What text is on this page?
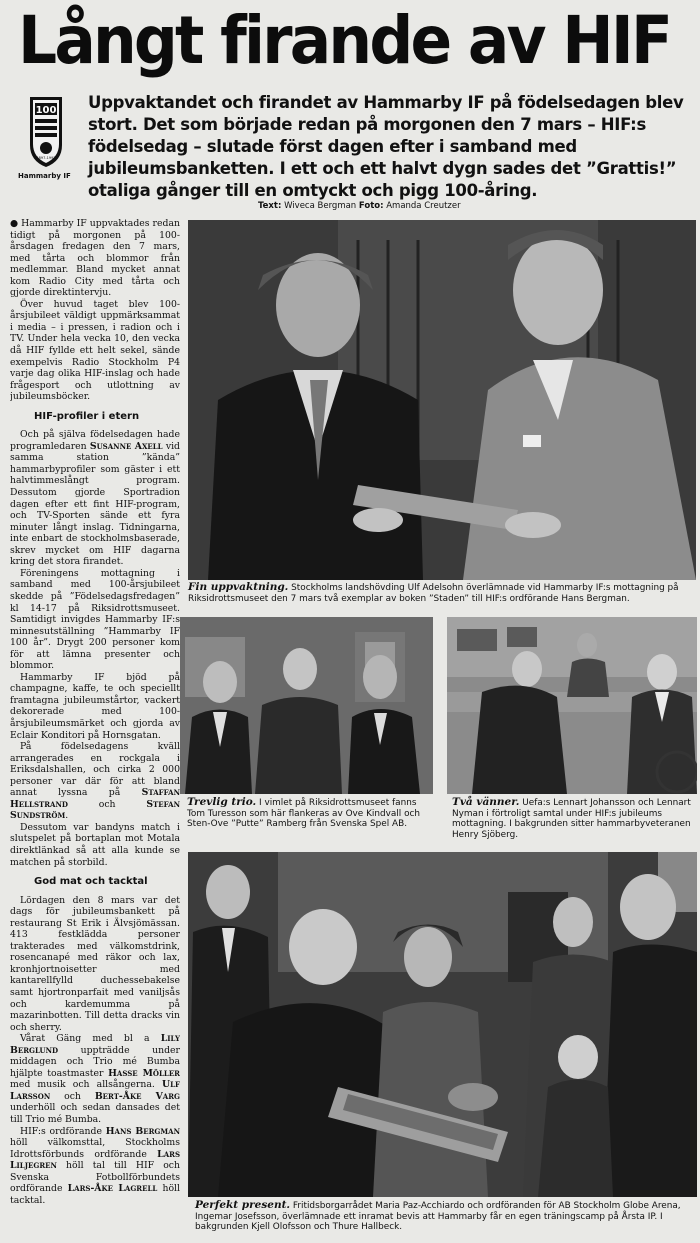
Långt firande av HIF
100
1897-1997
Hammarby IF
Uppvaktandet och firandet av Hammarby IF på födelsedagen blev stort. Det som började redan på morgonen den 7 mars – HIF:s födelsedag – slutade först dagen efter i samband med jubileumsbanketten. I ett och ett halvt dygn sades det ”Grattis!” otaliga gånger till en omtyckt och pigg 100-åring.
Text: Wiveca Bergman Foto: Amanda Creutzer

● Hammarby IF uppvaktades redan tidigt på morgonen på 100-årsdagen fredagen den 7 mars, med tårta och blommor från medlemmar. Bland mycket annat kom Radio City med tårta och gjorde direktintervju.

Över huvud taget blev 100-årsjubileet väldigt uppmärksammat i media – i pressen, i radion och i TV. Under hela vecka 10, den vecka då HIF fyllde ett helt sekel, sände exempelvis Radio Stockholm P4 varje dag olika HIF-inslag och hade frågesport och utlottning av jubileumsböcker.

HIF-profiler i etern

Och på själva födelsedagen hade programledaren Susanne Axell vid samma station ”kända” hammarbyprofiler som gäster i ett halvtimmeslångt program. Dessutom gjorde Sportradion dagen efter ett fint HIF-program, och TV-Sporten sände ett fyra minuter långt inslag. Tidningarna, inte enbart de stockholmsbaserade, skrev mycket om HIF dagarna kring det stora firandet.

Föreningens mottagning i samband med 100-årsjubileet skedde på ”Födelsedagsfredagen” kl 14-17 på Riksidrottsmuseet. Samtidigt invigdes Hammarby IF:s minnesutställning ”Hammarby IF 100 år”. Drygt 200 personer kom för att lämna presenter och blommor.

Hammarby IF bjöd på champagne, kaffe, te och speciellt framtagna jubileumstårtor, vackert dekorerade med 100-årsjubileumsmärket och gjorda av Eclair Konditori på Hornsgatan.

På födelsedagens kväll arrangerades en rockgala i Eriksdalshallen, och cirka 2 000 personer var där för att bland annat lyssna på Staffan Hellstrand och Stefan Sundström.

Dessutom var bandyns match i slutspelet på bortaplan mot Motala direktlänkad så att alla kunde se matchen på storbild.

God mat och tacktal

Lördagen den 8 mars var det dags för jubileumsbankett på restaurang St Erik i Älvsjömässan. 413 festklädda personer trakterades med välkomstdrink, rosencanapé med räkor och lax, kronhjortnoisetter med kantarellfylld duchessebakelse samt hjortronparfait med vaniljsås och kardemumma på mazarinbotten. Till detta dracks vin och sherry.

Vårat Gäng med bl a Lily Berglund uppträdde under middagen och Trio mé Bumba hjälpte toastmaster Hasse Möller med musik och allsångerna. Ulf Larsson och Bert-Åke Varg underhöll och sedan dansades det till Trio mé Bumba.

HIF:s ordförande Hans Bergman höll välkomsttal, Stockholms Idrottsförbunds ordförande Lars Liljegren höll tal till HIF och Svenska Fotbollförbundets ordförande Lars-Åke Lagrell höll tacktal.

Fin uppvaktning. Stockholms landshövding Ulf Adelsohn överlämnade vid Hammarby IF:s mottagning på Riksidrottsmuseet den 7 mars två exemplar av boken ”Staden” till HIF:s ordförande Hans Bergman.
Trevlig trio. I vimlet på Riksidrottsmuseet fanns Tom Turesson som här flankeras av Ove Kindvall och Sten-Ove ”Putte” Ramberg från Svenska Spel AB.
Två vänner. Uefa:s Lennart Johansson och Lennart Nyman i förtroligt samtal under HIF:s jubileums mottagning. I bakgrunden sitter hammarbyveteranen Henry Sjöberg.
Perfekt present. Fritidsborgarrådet Maria Paz-Acchiardo och ordföranden för AB Stockholm Globe Arena, Ingemar Josefsson, överlämnade ett inramat bevis att Hammarby får en egen träningscamp på Årsta IP. I bakgrunden Kjell Olofsson och Thure Hallbeck.
